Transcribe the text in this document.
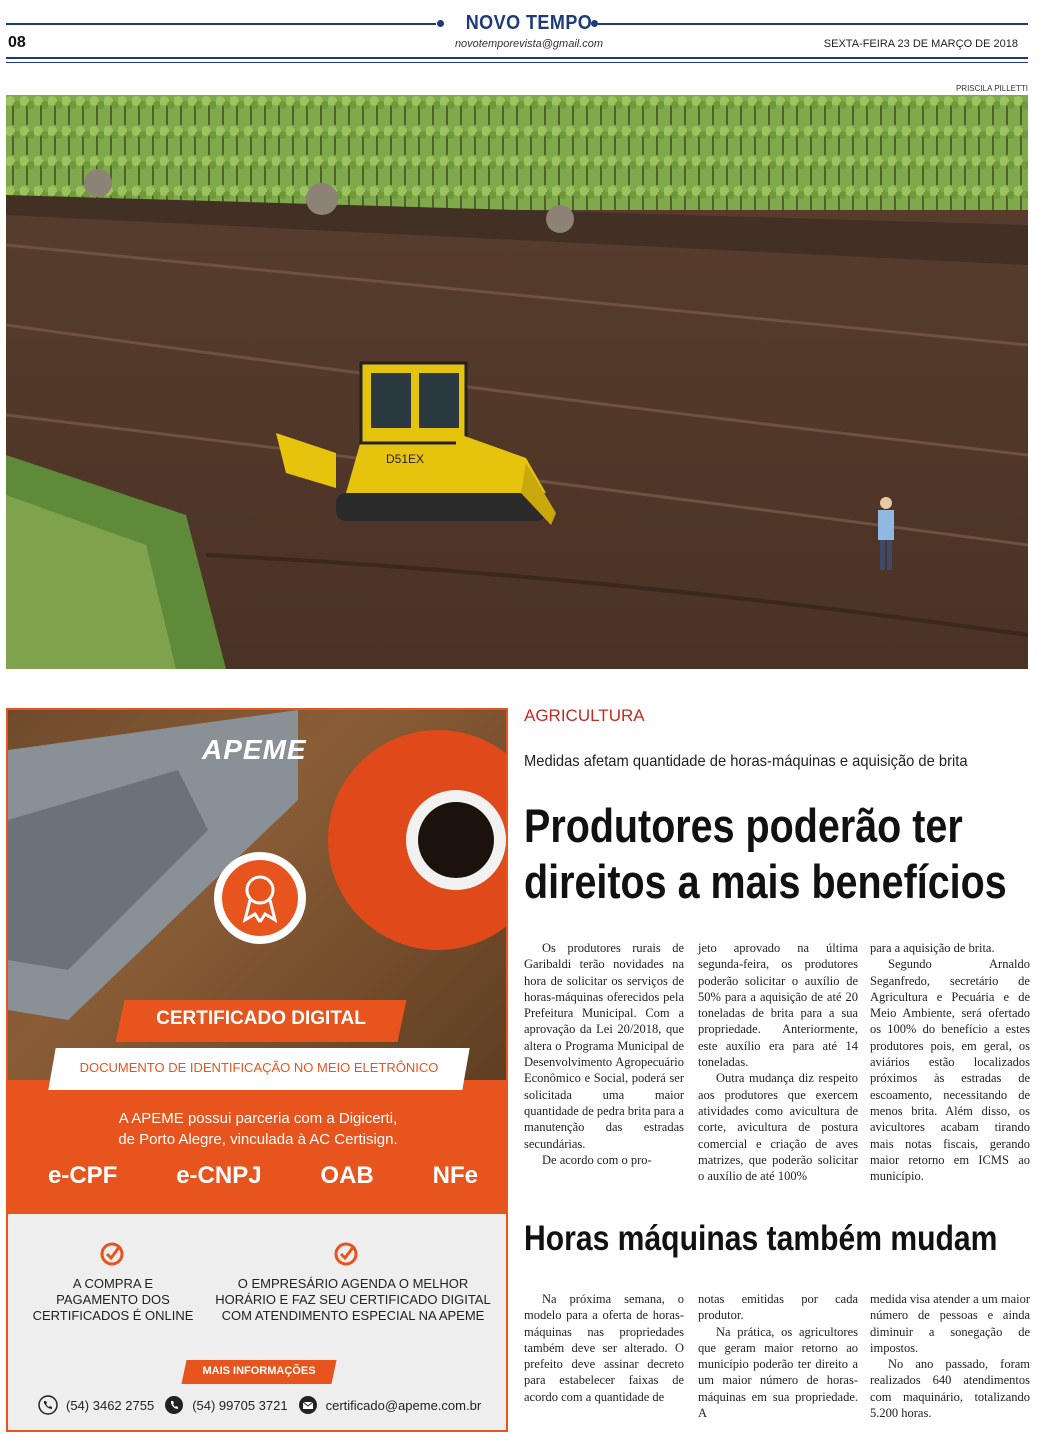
NOVO TEMPO
novotemporevista@gmail.com
08	SEXTA-FEIRA 23 DE MARÇO DE 2018
PRISCILA PILLETTI
D51EX
APEME
CERTIFICADO DIGITAL
DOCUMENTO DE IDENTIFICAÇÃO NO MEIO ELETRÔNICO
A APEME possui parceria com a Digicerti,
de Porto Alegre, vinculada à AC Certisign.
e-CPF e-CNPJ OAB NFe
A COMPRA E
PAGAMENTO DOS
CERTIFICADOS É ONLINE
O EMPRESÁRIO AGENDA O MELHOR
HORÁRIO E FAZ SEU CERTIFICADO DIGITAL
COM ATENDIMENTO ESPECIAL NA APEME
MAIS INFORMAÇÕES
(54) 3462 2755	(54) 99705 3721	certificado@apeme.com.br
AGRICULTURA
Medidas afetam quantidade de horas-máquinas e aquisição de brita
Produtores poderão ter
direitos a mais benefícios

Os produtores rurais de Garibaldi terão novidades na hora de solicitar os serviços de horas-máquinas oferecidos pela Prefeitura Municipal. Com a aprovação da Lei 20/2018, que altera o Programa Municipal de Desenvolvimento Agropecuário Econômico e Social, poderá ser solicitada uma maior quantidade de pedra brita para a manutenção das estradas secundárias.

De acordo com o pro-

jeto aprovado na última segunda-feira, os produtores poderão solicitar o auxílio de 50% para a aquisição de até 20 toneladas de brita para a sua propriedade. Anteriormente, este auxílio era para até 14 toneladas.

Outra mudança diz respeito aos produtores que exercem atividades como avicultura de corte, avicultura de postura comercial e criação de aves matrizes, que poderão solicitar o auxílio de até 100%

para a aquisição de brita.

Segundo Arnaldo Seganfredo, secretário de Agricultura e Pecuária e de Meio Ambiente, será ofertado os 100% do benefício a estes produtores pois, em geral, os aviários estão localizados próximos às estradas de escoamento, necessitando de menos brita. Além disso, os avicultores acabam tirando mais notas fiscais, gerando maior retorno em ICMS ao município.

Horas máquinas também mudam

Na próxima semana, o modelo para a oferta de horas-máquinas nas propriedades também deve ser alterado. O prefeito deve assinar decreto para estabelecer faixas de acordo com a quantidade de

notas emitidas por cada produtor.

Na prática, os agricultores que geram maior retorno ao município poderão ter direito a um maior número de horas-máquinas em sua propriedade. A

medida visa atender a um maior número de pessoas e ainda diminuir a sonegação de impostos.

No ano passado, foram realizados 640 atendimentos com maquinário, totalizando 5.200 horas.
